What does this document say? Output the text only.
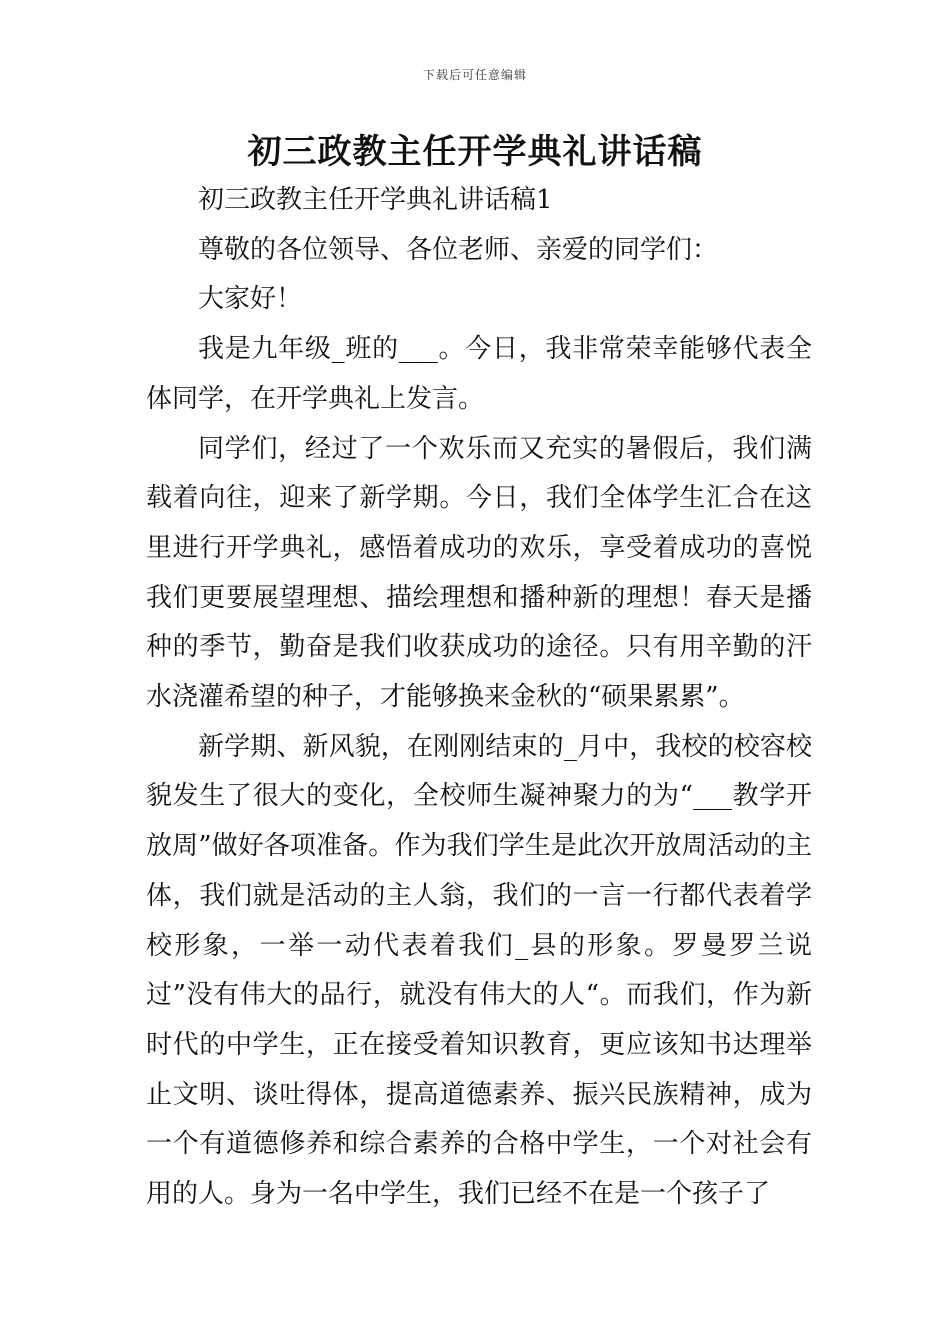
下载后可任意编辑
初三政教主任开学典礼讲话稿

初三政教主任开学典礼讲话稿1

尊敬的各位领导、各位老师、亲爱的同学们：

大家好！

我是九年级_班的___。今日，我非常荣幸能够代表全体同学，在开学典礼上发言。

同学们，经过了一个欢乐而又充实的暑假后，我们满载着向往，迎来了新学期。今日，我们全体学生汇合在这里进行开学典礼，感悟着成功的欢乐，享受着成功的喜悦我们更要展望理想、描绘理想和播种新的理想！春天是播种的季节，勤奋是我们收获成功的途径。只有用辛勤的汗水浇灌希望的种子，才能够换来金秋的“硕果累累”。

新学期、新风貌，在刚刚结束的_月中，我校的校容校貌发生了很大的变化，全校师生凝神聚力的为“___教学开放周”做好各项准备。作为我们学生是此次开放周活动的主体，我们就是活动的主人翁，我们的一言一行都代表着学校形象，一举一动代表着我们_县的形象。罗曼罗兰说过”没有伟大的品行，就没有伟大的人“。而我们，作为新时代的中学生，正在接受着知识教育，更应该知书达理举止文明、谈吐得体，提高道德素养、振兴民族精神，成为一个有道德修养和综合素养的合格中学生，一个对社会有用的人。身为一名中学生，我们已经不在是一个孩子了
